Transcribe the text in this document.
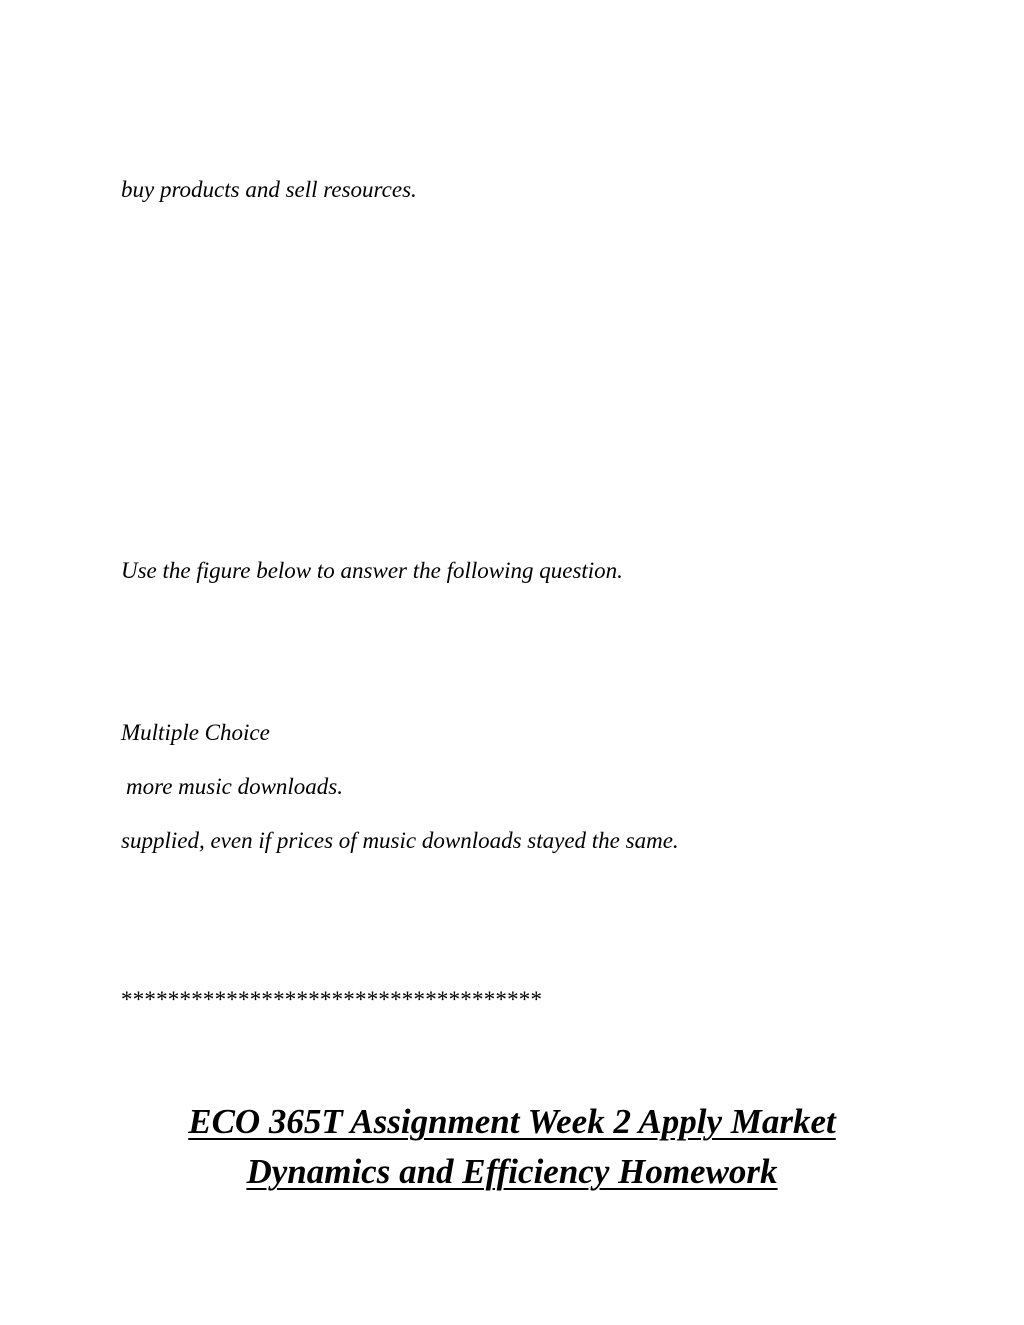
buy products and sell resources.
Use the figure below to answer the following question.
Multiple Choice
more music downloads.
supplied, even if prices of music downloads stayed the same.
************************************
ECO 365T Assignment Week 2 Apply Market
Dynamics and Efficiency Homework
